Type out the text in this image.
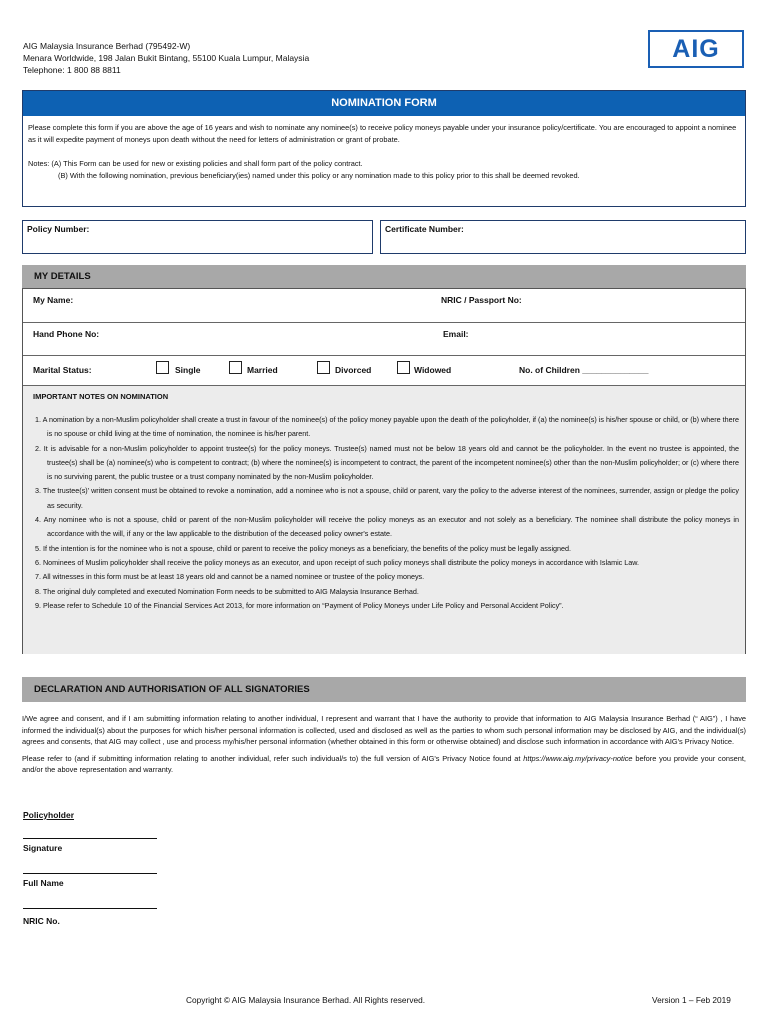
AIG Malaysia Insurance Berhad (795492-W)
Menara Worldwide, 198 Jalan Bukit Bintang, 55100 Kuala Lumpur, Malaysia
Telephone: 1 800 88 8811
AIG
NOMINATION FORM
Please complete this form if you are above the age of 16 years and wish to nominate any nominee(s) to receive policy moneys payable under your insurance policy/certificate. You are encouraged to appoint a nominee as it will expedite payment of moneys upon death without the need for letters of administration or grant of probate.
Notes: (A) This Form can be used for new or existing policies and shall form part of the policy contract.
(B) With the following nomination, previous beneficiary(ies) named under this policy or any nomination made to this policy prior to this shall be deemed revoked.
Policy Number:	Certificate Number:
MY DETAILS
My Name:	NRIC / Passport No:
Hand Phone No:	Email:
Marital Status:	Single	Married	Divorced	Widowed	No. of Children ______________
IMPORTANT NOTES ON NOMINATION
1. A nomination by a non-Muslim policyholder shall create a trust in favour of the nominee(s) of the policy money payable upon the death of the policyholder, if (a) the nominee(s) is his/her spouse or child, or (b) where there is no spouse or child living at the time of nomination, the nominee is his/her parent.
2. It is advisable for a non-Muslim policyholder to appoint trustee(s) for the policy moneys. Trustee(s) named must not be below 18 years old and cannot be the policyholder. In the event no trustee is appointed, the trustee(s) shall be (a) nominee(s) who is competent to contract; (b) where the nominee(s) is incompetent to contract, the parent of the incompetent nominee(s) other than the non-Muslim policyholder; or (c) where there is no surviving parent, the public trustee or a trust company nominated by the non-Muslim policyholder.
3. The trustee(s)' written consent must be obtained to revoke a nomination, add a nominee who is not a spouse, child or parent, vary the policy to the adverse interest of the nominees, surrender, assign or pledge the policy as security.
4. Any nominee who is not a spouse, child or parent of the non-Muslim policyholder will receive the policy moneys as an executor and not solely as a beneficiary. The nominee shall distribute the policy moneys in accordance with the will, if any or the law applicable to the distribution of the deceased policy owner's estate.
5. If the intention is for the nominee who is not a spouse, child or parent to receive the policy moneys as a beneficiary, the benefits of the policy must be legally assigned.
6. Nominees of Muslim policyholder shall receive the policy moneys as an executor, and upon receipt of such policy moneys shall distribute the policy moneys in accordance with Islamic Law.
7. All witnesses in this form must be at least 18 years old and cannot be a named nominee or trustee of the policy moneys.
8. The original duly completed and executed Nomination Form needs to be submitted to AIG Malaysia Insurance Berhad.
9. Please refer to Schedule 10 of the Financial Services Act 2013, for more information on “Payment of Policy Moneys under Life Policy and Personal Accident Policy”.
DECLARATION AND AUTHORISATION OF ALL SIGNATORIES
I/We agree and consent, and if I am submitting information relating to another individual, I represent and warrant that I have the authority to provide that information to AIG Malaysia Insurance Berhad (“ AIG”) , I have informed the individual(s) about the purposes for which his/her personal information is collected, used and disclosed as well as the parties to whom such personal information may be disclosed by AIG, and the individual(s) agrees and consents, that AIG may collect , use and process my/his/her personal information (whether obtained in this form or otherwise obtained) and disclose such information in accordance with AIG's Privacy Notice.
Please refer to (and if submitting information relating to another individual, refer such individual/s to) the full version of AIG's Privacy Notice found at https://www.aig.my/privacy-notice before you provide your consent, and/or the above representation and warranty.
Policyholder
Signature
Full Name
NRIC No.
Copyright © AIG Malaysia Insurance Berhad. All Rights reserved.	Version 1 – Feb 2019
